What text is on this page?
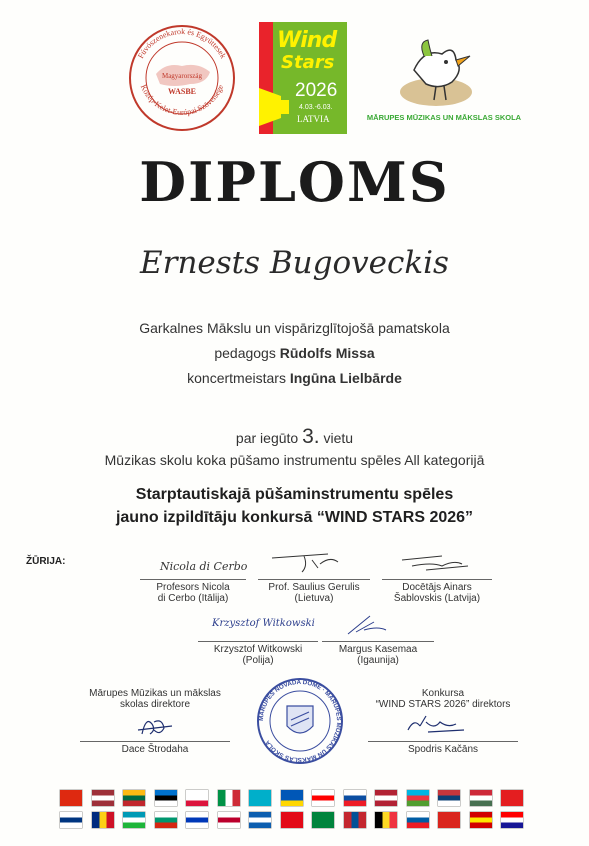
Magyarország
WASBE
Fúvószenekarok és Együttesek
Közép-Kelet-Európai Szövetsége
Wind
Stars
2026
4.03.-6.03.
LATVIA	MĀRUPES MŪZIKAS UN MĀKSLAS SKOLA
DIPLOMS
Ernests Bugoveckis
Garkalnes Mākslu un vispārizglītojošā pamatskola
pedagogs Rūdolfs Missa
koncertmeistars Ingūna Lielbārde
par iegūto 3. vietu
Mūzikas skolu koka pūšamo instrumentu spēles All kategorijā
Starptautiskajā pūšaminstrumentu spēles
jauno izpildītāju konkursā “WIND STARS 2026”
ŽŪRIJA:	Nicola di Cerbo
Profesors Nicola
di Cerbo (Itālija)
Prof. Saulius Gerulis
(Lietuva)
Docētājs Ainars
Šablovskis (Latvija)
Krzysztof Witkowski
Krzysztof Witkowski
(Polija)
Margus Kasemaa
(Igaunija)
Mārupes Mūzikas un mākslas
skolas direktore
Dace Štrodaha
MĀRUPES NOVADA DOME · MĀRUPES MŪZIKAS UN MĀKSLAS SKOLA
Konkursa
“WIND STARS 2026” direktors
Spodris Kačāns
